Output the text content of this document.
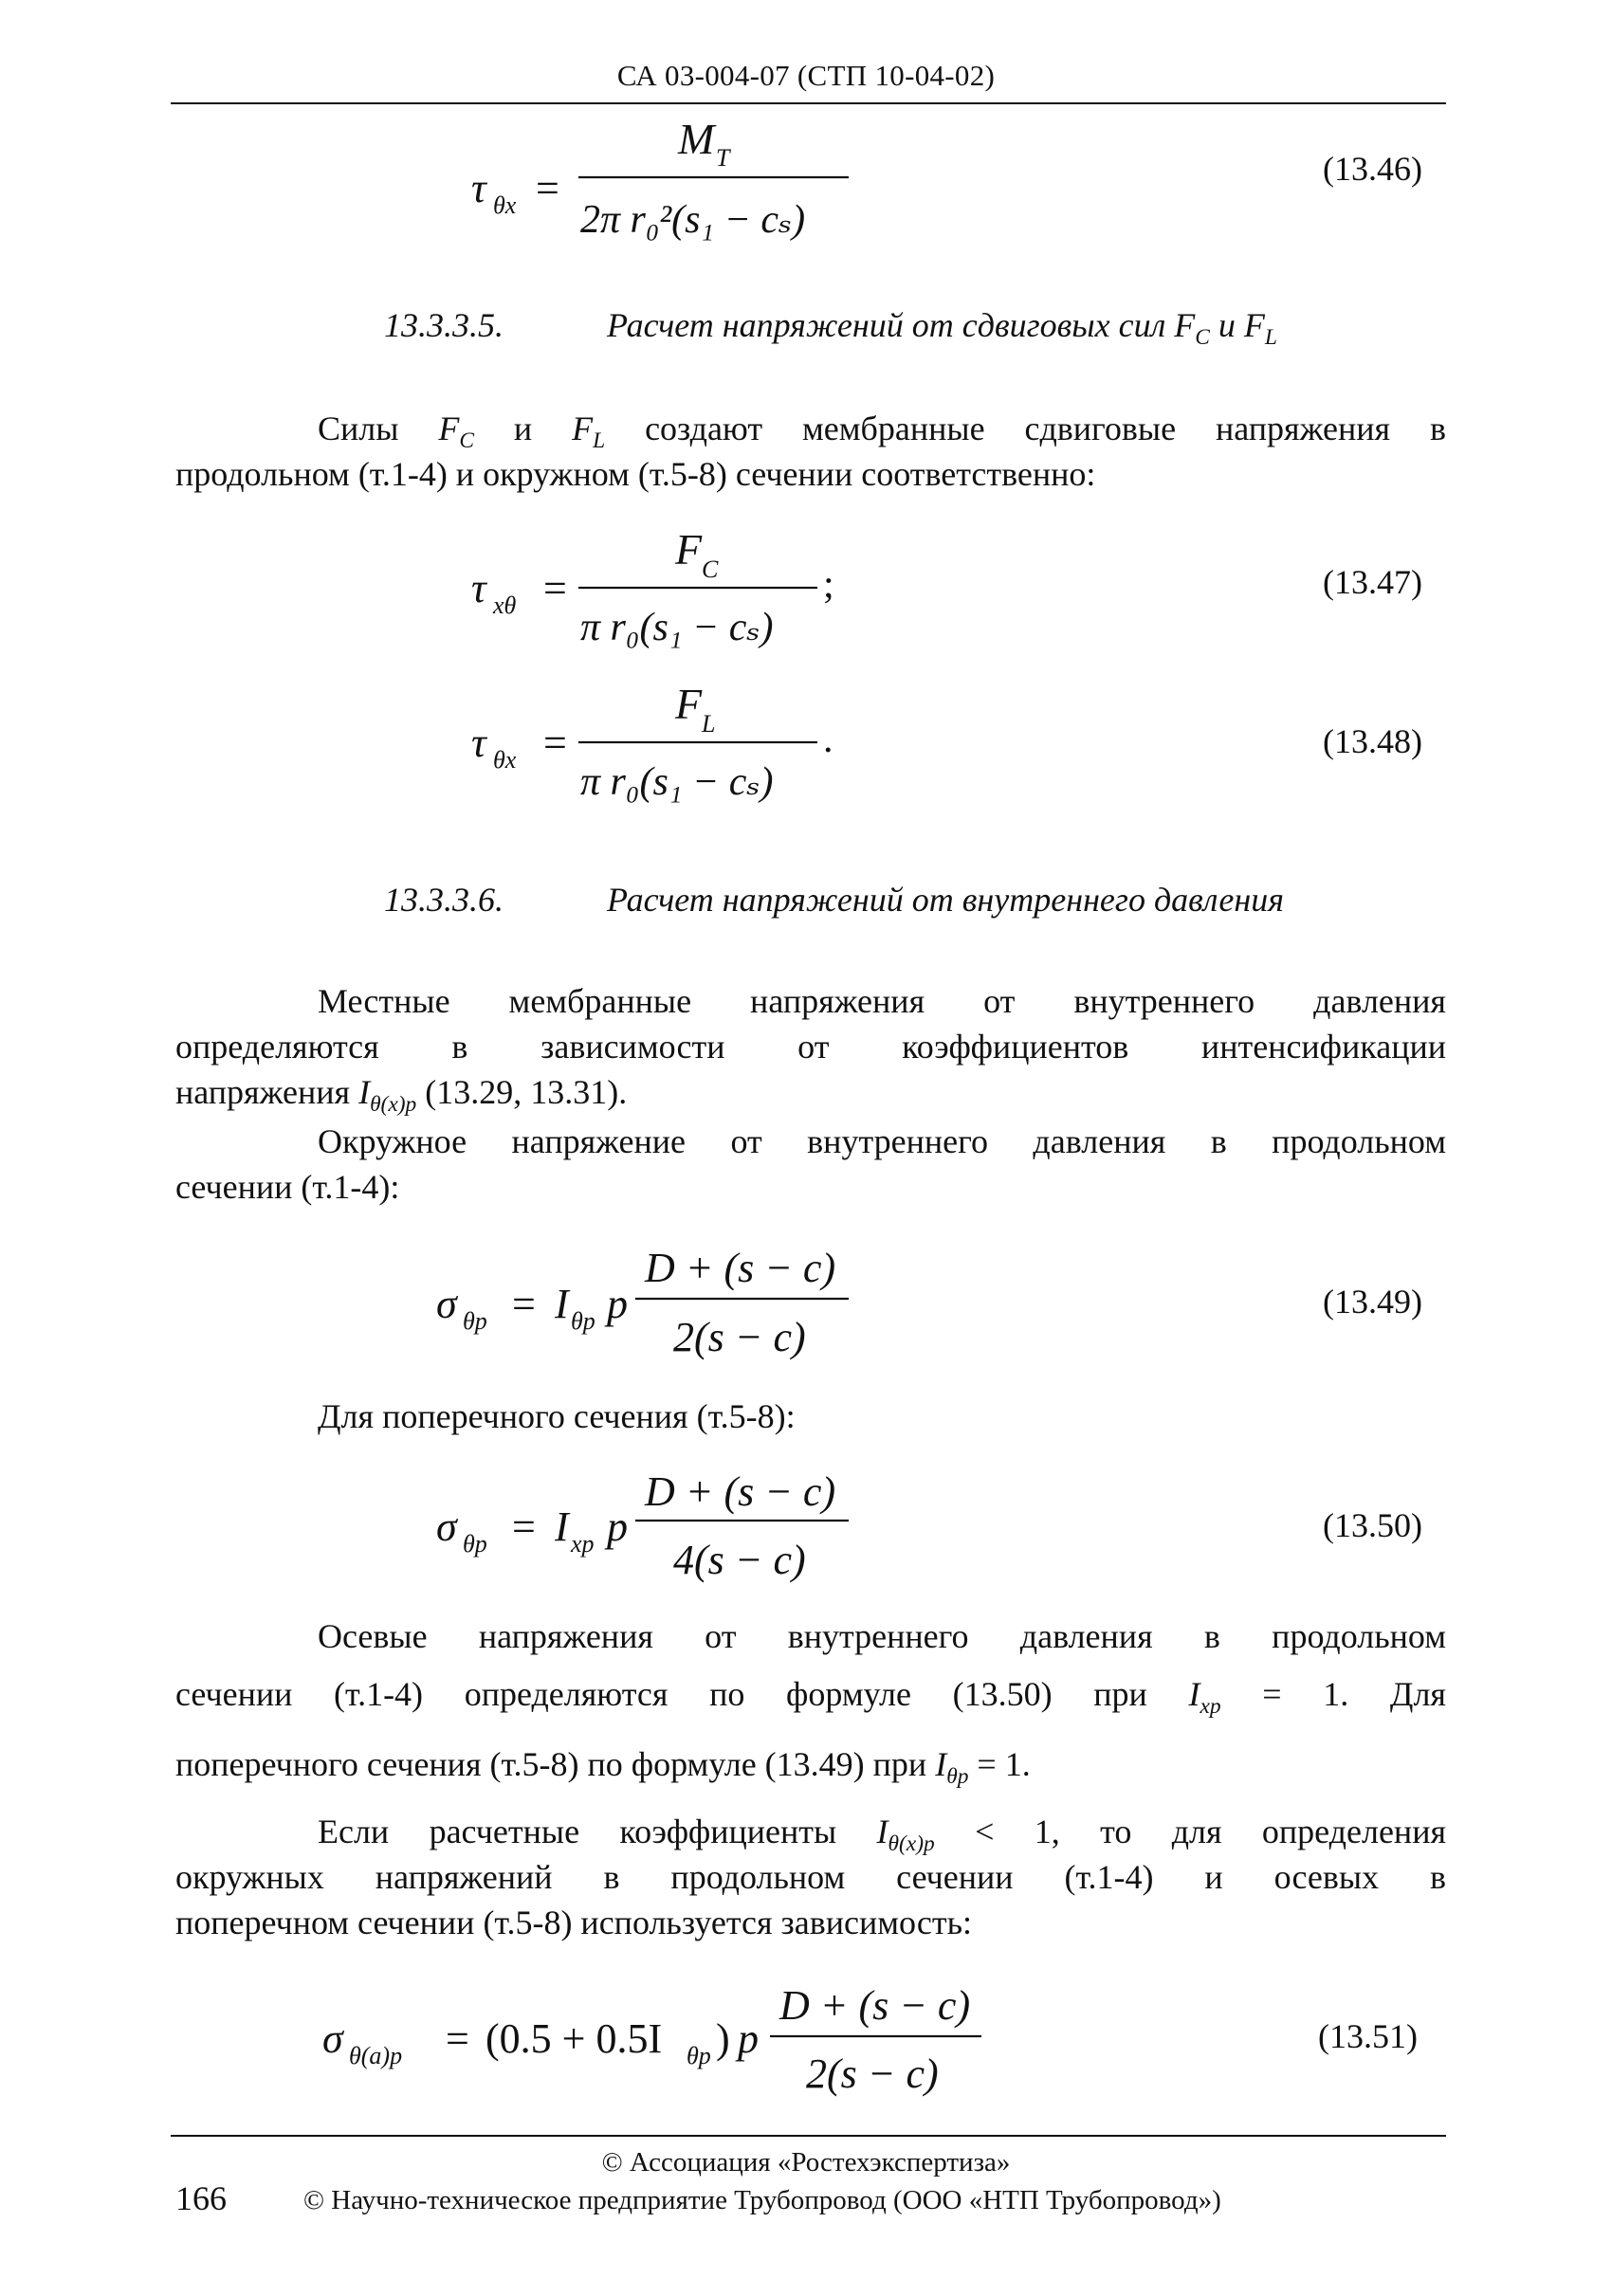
СА 03-004-07 (СТП 10-04-02)
τ θx =
M T
2π r₀²(s₁ − cₛ)
(13.46)
13.3.3.5.	Расчет напряжений от сдвиговых сил $F_C$ и $F_L$
Силы $F_C$ и $F_L$ создают мембранные сдвиговые напряжения в
продольном (т.1-4) и окружном (т.5-8) сечении соответственно:
τ xθ =
F C
π r₀(s₁ − cₛ)
;	(13.47)
τ θx =
F L
π r₀(s₁ − cₛ)
.	(13.48)
13.3.3.6.	Расчет напряжений от внутреннего давления
Местные мембранные напряжения от внутреннего давления
определяются в зависимости от коэффициентов интенсификации
напряжения $I_{\theta(x)p}$ (13.29, 13.31).
Окружное напряжение от внутреннего давления в продольном
сечении (т.1-4):
σ θp = I θp p
D + (s − c)
2(s − c)
(13.49)
Для поперечного сечения (т.5-8):
σ θp = I xp p
D + (s − c)
4(s − c)
(13.50)
Осевые напряжения от внутреннего давления в продольном
сечении (т.1-4) определяются по формуле (13.50) при $I_{xp} = 1$. Для
поперечного сечения (т.5-8) по формуле (13.49) при $I_{\theta p} = 1$.
Если расчетные коэффициенты $I_{\theta(x)p} < 1$, то для определения
окружных напряжений в продольном сечении (т.1-4) и осевых в
поперечном сечении (т.5-8) используется зависимость:
σ θ(a)p = (0.5 + 0.5I θp ) p
D + (s − c)
2(s − c)
(13.51)
© Ассоциация «Ростехэкспертиза»
166	© Научно-техническое предприятие Трубопровод (ООО «НТП Трубопровод»)
